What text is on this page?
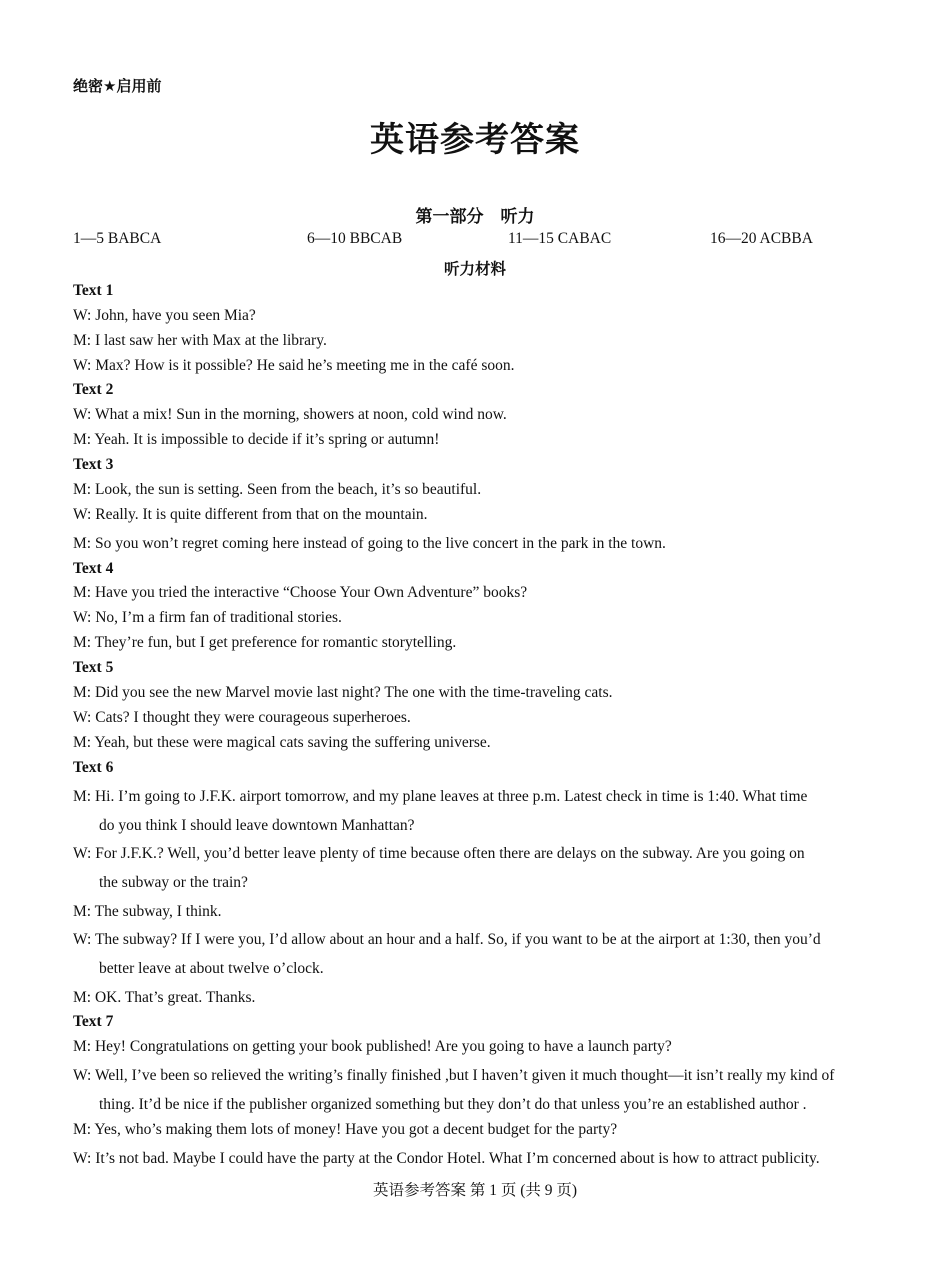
绝密★启用前
英语参考答案
第一部分　听力
1—5 BABCA	6—10 BBCAB	11—15 CABAC	16—20 ACBBA
听力材料
Text 1
W: John, have you seen Mia?
M: I last saw her with Max at the library.
W: Max? How is it possible? He said he’s meeting me in the café soon.
Text 2
W: What a mix! Sun in the morning, showers at noon, cold wind now.
M: Yeah. It is impossible to decide if it’s spring or autumn!
Text 3
M: Look, the sun is setting. Seen from the beach, it’s so beautiful.
W: Really. It is quite different from that on the mountain.
M: So you won’t regret coming here instead of going to the live concert in the park in the town.
Text 4
M: Have you tried the interactive “Choose Your Own Adventure” books?
W: No, I’m a firm fan of traditional stories.
M: They’re fun, but I get preference for romantic storytelling.
Text 5
M: Did you see the new Marvel movie last night? The one with the time-traveling cats.
W: Cats? I thought they were courageous superheroes.
M: Yeah, but these were magical cats saving the suffering universe.
Text 6
M: Hi. I’m going to J.F.K. airport tomorrow, and my plane leaves at three p.m. Latest check in time is 1:40. What time
do you think I should leave downtown Manhattan?
W: For J.F.K.? Well, you’d better leave plenty of time because often there are delays on the subway. Are you going on
the subway or the train?
M: The subway, I think.
W: The subway? If I were you, I’d allow about an hour and a half. So, if you want to be at the airport at 1:30, then you’d
better leave at about twelve o’clock.
M: OK. That’s great. Thanks.
Text 7
M: Hey! Congratulations on getting your book published! Are you going to have a launch party?
W: Well, I’ve been so relieved the writing’s finally finished ,but I haven’t given it much thought—it isn’t really my kind of
thing. It’d be nice if the publisher organized something but they don’t do that unless you’re an established author .
M: Yes, who’s making them lots of money! Have you got a decent budget for the party?
W: It’s not bad. Maybe I could have the party at the Condor Hotel. What I’m concerned about is how to attract publicity.
英语参考答案 第 1 页 (共 9 页)
